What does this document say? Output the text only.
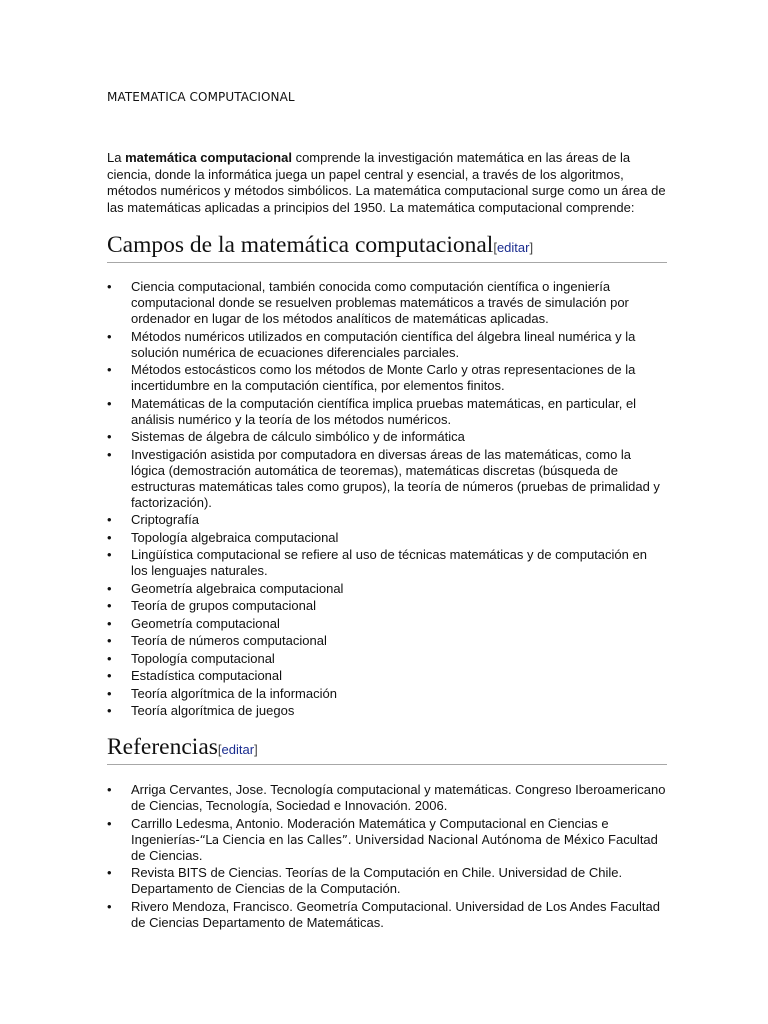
MATEMATICA COMPUTACIONAL

La matemática computacional comprende la investigación matemática en las áreas de la ciencia, donde la informática juega un papel central y esencial, a través de los algoritmos, métodos numéricos y métodos simbólicos. La matemática computacional surge como un área de las matemáticas aplicadas a principios del 1950. La matemática computacional comprende:

Campos de la matemática computacional[editar]
•	Ciencia computacional, también conocida como computación científica o ingeniería computacional donde se resuelven problemas matemáticos a través de simulación por ordenador en lugar de los métodos analíticos de matemáticas aplicadas.
•	Métodos numéricos utilizados en computación científica del álgebra lineal numérica y la solución numérica de ecuaciones diferenciales parciales.
•	Métodos estocásticos como los métodos de Monte Carlo y otras representaciones de la incertidumbre en la computación científica, por elementos finitos.
•	Matemáticas de la computación científica implica pruebas matemáticas, en particular, el análisis numérico y la teoría de los métodos numéricos.
•	Sistemas de álgebra de cálculo simbólico y de informática
•	Investigación asistida por computadora en diversas áreas de las matemáticas, como la lógica (demostración automática de teoremas), matemáticas discretas (búsqueda de estructuras matemáticas tales como grupos), la teoría de números (pruebas de primalidad y factorización).
•	Criptografía
•	Topología algebraica computacional
•	Lingüística computacional se refiere al uso de técnicas matemáticas y de computación en los lenguajes naturales.
•	Geometría algebraica computacional
•	Teoría de grupos computacional
•	Geometría computacional
•	Teoría de números computacional
•	Topología computacional
•	Estadística computacional
•	Teoría algorítmica de la información
•	Teoría algorítmica de juegos
Referencias[editar]
•	Arriga Cervantes, Jose. Tecnología computacional y matemáticas. Congreso Iberoamericano de Ciencias, Tecnología, Sociedad e Innovación. 2006.
•	Carrillo Ledesma, Antonio. Moderación Matemática y Computacional en Ciencias e Ingenierías-“La Ciencia en las Calles”. Universidad Nacional Autónoma de México Facultad de Ciencias.
•	Revista BITS de Ciencias. Teorías de la Computación en Chile. Universidad de Chile. Departamento de Ciencias de la Computación.
•	Rivero Mendoza, Francisco. Geometría Computacional. Universidad de Los Andes Facultad de Ciencias Departamento de Matemáticas.
